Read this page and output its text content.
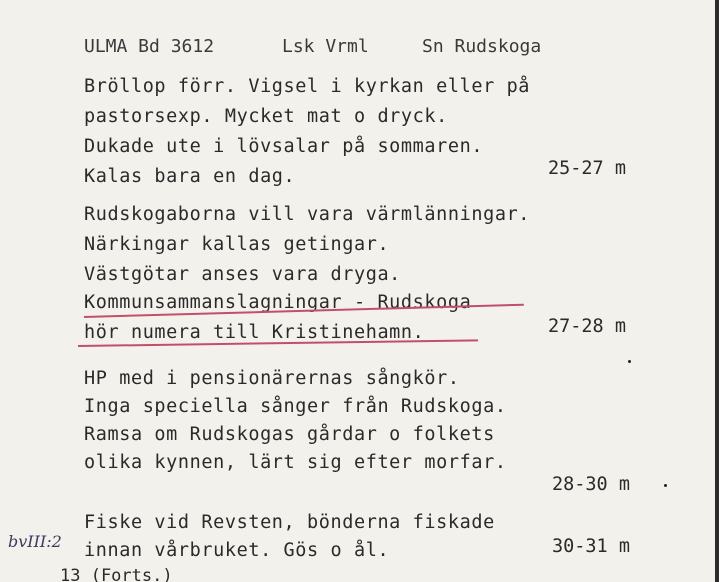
ULMA Bd 3612	Lsk Vrml	Sn Rudskoga
Bröllop förr. Vigsel i kyrkan eller på
pastorsexp. Mycket mat o dryck.
Dukade ute i lövsalar på sommaren.
Kalas bara en dag.	25-27 m
Rudskogaborna vill vara värmlänningar.
Närkingar kallas getingar.
Västgötar anses vara dryga.
Kommunsammanslagningar - Rudskoga
hör numera till Kristinehamn.	27-28 m
HP med i pensionärernas sångkör.
Inga speciella sånger från Rudskoga.
Ramsa om Rudskogas gårdar o folkets
olika kynnen, lärt sig efter morfar.
28-30 m
Fiske vid Revsten, bönderna fiskade
innan vårbruket. Gös o ål.	30-31 m
bvIII:2
13 (Forts.)
